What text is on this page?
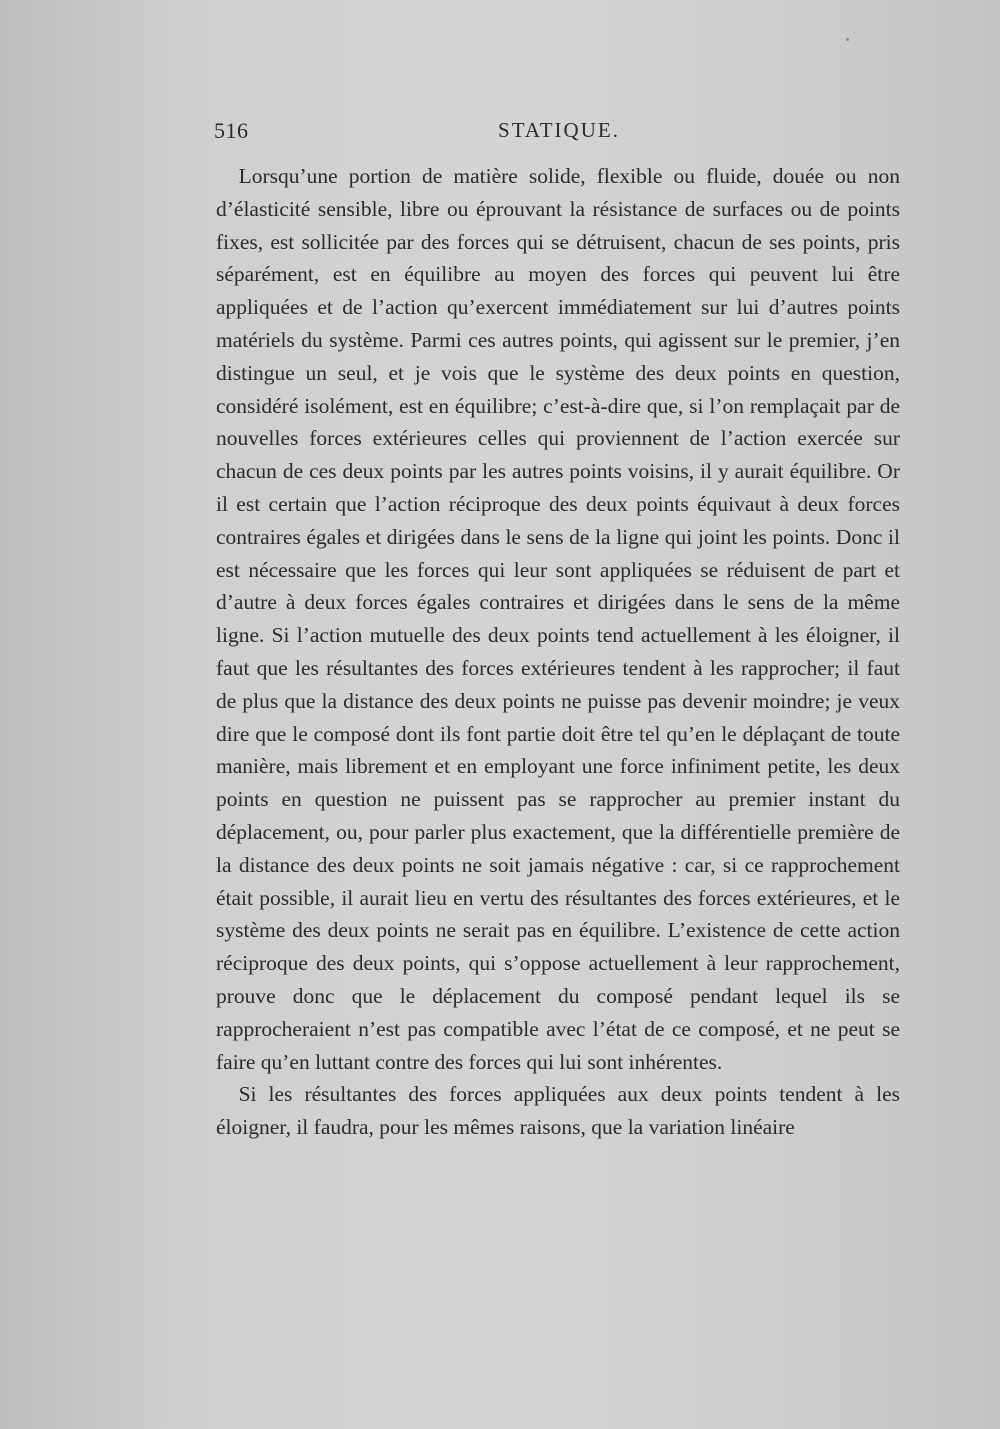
516	STATIQUE.

Lorsqu’une portion de matière solide, flexible ou fluide, douée ou non d’élasticité sensible, libre ou éprouvant la résistance de surfaces ou de points fixes, est sollicitée par des forces qui se détruisent, chacun de ses points, pris séparément, est en équilibre au moyen des forces qui peuvent lui être appliquées et de l’action qu’exercent immédiatement sur lui d’autres points matériels du système. Parmi ces autres points, qui agissent sur le premier, j’en distingue un seul, et je vois que le système des deux points en question, considéré isolément, est en équilibre; c’est-à-dire que, si l’on remplaçait par de nouvelles forces extérieures celles qui proviennent de l’action exercée sur chacun de ces deux points par les autres points voisins, il y aurait équilibre. Or il est certain que l’action réciproque des deux points équivaut à deux forces contraires égales et dirigées dans le sens de la ligne qui joint les points. Donc il est nécessaire que les forces qui leur sont appliquées se réduisent de part et d’autre à deux forces égales contraires et dirigées dans le sens de la même ligne. Si l’action mutuelle des deux points tend actuellement à les éloigner, il faut que les résultantes des forces extérieures tendent à les rapprocher; il faut de plus que la distance des deux points ne puisse pas devenir moindre; je veux dire que le composé dont ils font partie doit être tel qu’en le déplaçant de toute manière, mais librement et en employant une force infiniment petite, les deux points en question ne puissent pas se rapprocher au premier instant du déplacement, ou, pour parler plus exactement, que la différentielle première de la distance des deux points ne soit jamais négative : car, si ce rapprochement était possible, il aurait lieu en vertu des résultantes des forces extérieures, et le système des deux points ne serait pas en équilibre. L’existence de cette action réciproque des deux points, qui s’oppose actuellement à leur rapprochement, prouve donc que le déplacement du composé pendant lequel ils se rapprocheraient n’est pas compatible avec l’état de ce composé, et ne peut se faire qu’en luttant contre des forces qui lui sont inhérentes.

Si les résultantes des forces appliquées aux deux points tendent à les éloigner, il faudra, pour les mêmes raisons, que la variation linéaire
